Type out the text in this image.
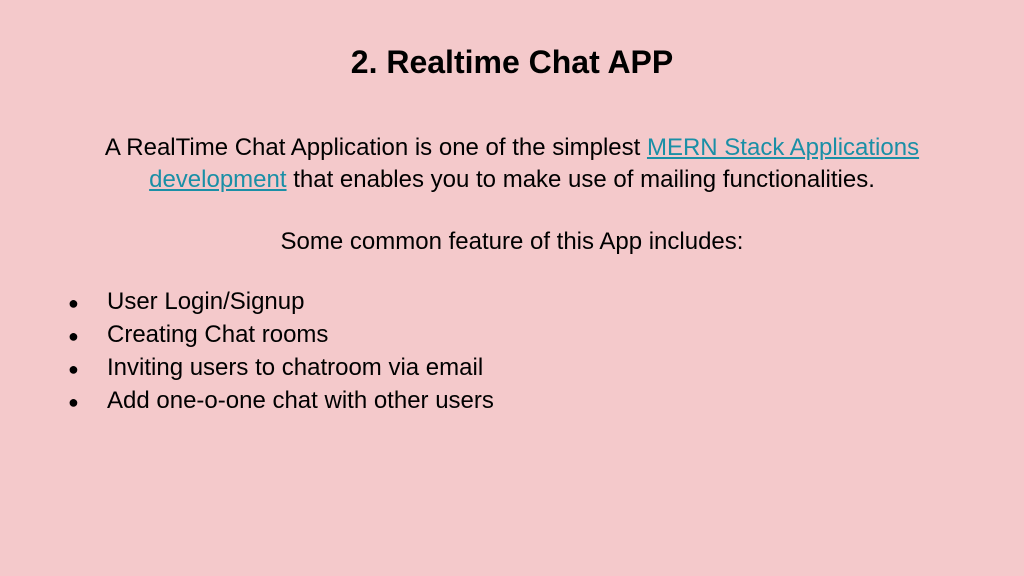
2. Realtime Chat APP

A RealTime Chat Application is one of the simplest MERN Stack Applications development that enables you to make use of mailing functionalities.

Some common feature of this App includes:

●	User Login/Signup
●	Creating Chat rooms
●	Inviting users to chatroom via email
●	Add one-o-one chat with other users
